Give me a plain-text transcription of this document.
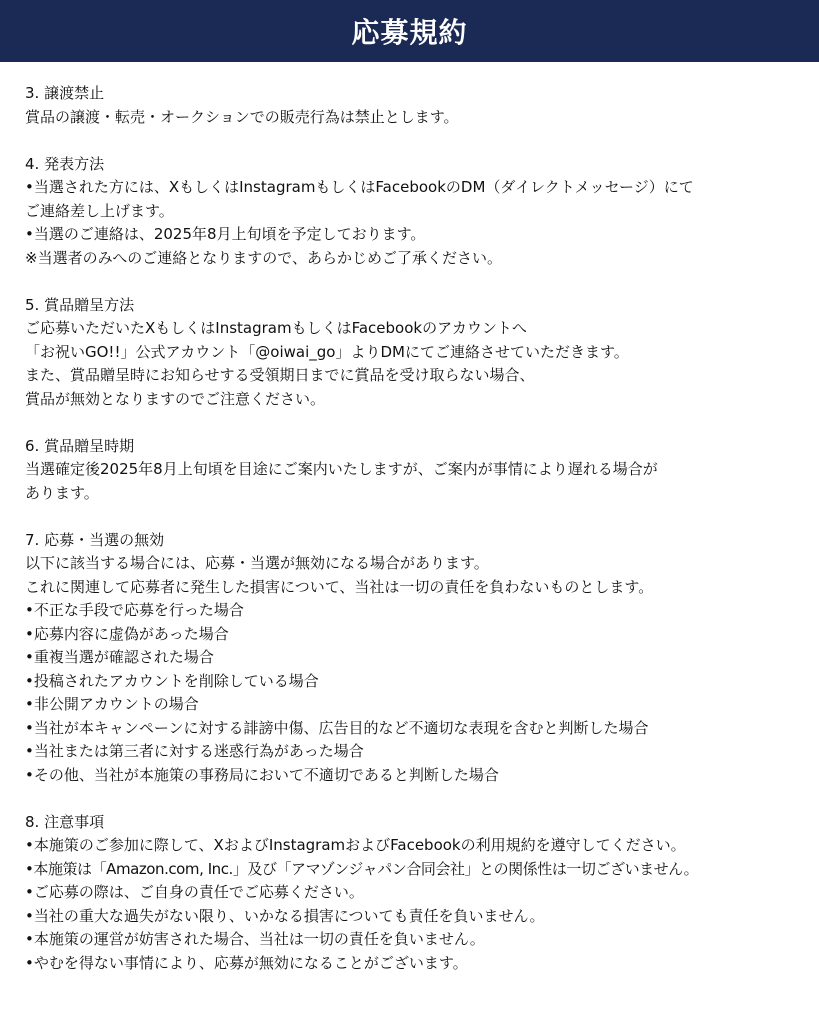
応募規約
3. 譲渡禁止
賞品の譲渡・転売・オークションでの販売行為は禁止とします。
4. 発表方法
•当選された方には、XもしくはInstagramもしくはFacebookのDM（ダイレクトメッセージ）にて
ご連絡差し上げます。
•当選のご連絡は、2025年8月上旬頃を予定しております。
※当選者のみへのご連絡となりますので、あらかじめご了承ください。
5. 賞品贈呈方法
ご応募いただいたXもしくはInstagramもしくはFacebookのアカウントへ
「お祝いGO!!」公式アカウント「@oiwai_go」よりDMにてご連絡させていただきます。
また、賞品贈呈時にお知らせする受領期日までに賞品を受け取らない場合、
賞品が無効となりますのでご注意ください。
6. 賞品贈呈時期
当選確定後2025年8月上旬頃を目途にご案内いたしますが、ご案内が事情により遅れる場合が
あります。
7. 応募・当選の無効
以下に該当する場合には、応募・当選が無効になる場合があります。
これに関連して応募者に発生した損害について、当社は一切の責任を負わないものとします。
•不正な手段で応募を行った場合
•応募内容に虚偽があった場合
•重複当選が確認された場合
•投稿されたアカウントを削除している場合
•非公開アカウントの場合
•当社が本キャンペーンに対する誹謗中傷、広告目的など不適切な表現を含むと判断した場合
•当社または第三者に対する迷惑行為があった場合
•その他、当社が本施策の事務局において不適切であると判断した場合
8. 注意事項
•本施策のご参加に際して、XおよびInstagramおよびFacebookの利用規約を遵守してください。
•本施策は「Amazon.com, Inc.」及び「アマゾンジャパン合同会社」との関係性は一切ございません。
•ご応募の際は、ご自身の責任でご応募ください。
•当社の重大な過失がない限り、いかなる損害についても責任を負いません。
•本施策の運営が妨害された場合、当社は一切の責任を負いません。
•やむを得ない事情により、応募が無効になることがございます。
